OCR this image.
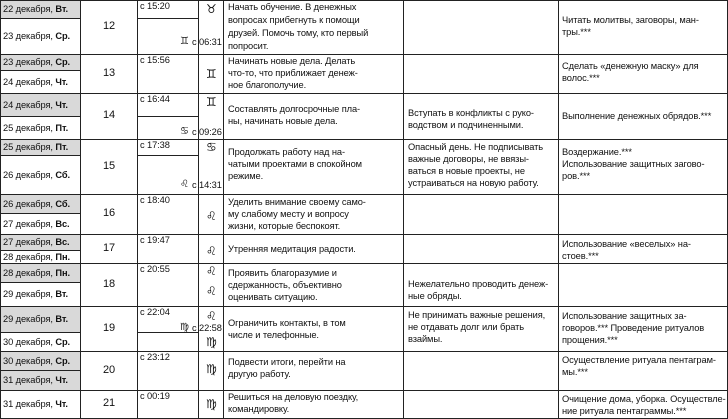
22 декабря, Вт.
23 декабря, Ср.
23 декабря, Ср.
24 декабря, Чт.
24 декабря, Чт.
25 декабря, Пт.
25 декабря, Пт.
26 декабря, Сб.
26 декабря, Сб.
27 декабря, Вс.
27 декабря, Вс.
28 декабря, Пн.
28 декабря, Пн.
29 декабря, Вт.
29 декабря, Вт.
30 декабря, Ср.
30 декабря, Ср.
31 декабря, Чт.
31 декабря, Чт.
12
13
14
15
16
17
18
19
20
21
с 15:20
с 15:56
с 16:44
с 17:38
с 18:40
с 19:47
с 20:55
с 22:04
с 23:12
с 00:19
♉
♊ с 06:31
♊
♊
♋ с 09:26
♋
♌ с 14:31
♌
♌
♌
♌
♌
♍ с 22:58
♍
♍
♍
Начать обучение. В денежных
вопросах прибегнуть к помощи
друзей. Помочь тому, кто первый
попросит.
Начинать новые дела. Делать
что-то, что приближает денеж-
ное благополучие.
Составлять долгосрочные пла-
ны, начинать новые дела.
Продолжать работу над на-
чатыми проектами в спокойном
режиме.
Уделить внимание своему само-
му слабому месту и вопросу
жизни, которые беспокоят.
Утренняя медитация радости.
Проявить благоразумие и
сдержанность, объективно
оценивать ситуацию.
Ограничить контакты, в том
числе и телефонные.
Подвести итоги, перейти на
другую работу.
Решиться на деловую поездку,
командировку.
Вступать в конфликты с руко-
водством и подчиненными.
Опасный день. Не подписывать
важные договоры, не ввязы-
ваться в новые проекты, не
устраиваться на новую работу.
Нежелательно проводить денеж-
ные обряды.
Не принимать важные решения,
не отдавать долг или брать
взаймы.
Читать молитвы, заговоры, ман-
тры.***
Сделать «денежную маску» для
волос.***
Выполнение денежных обрядов.***
Воздержание.***
Использование защитных загово-
ров.***
Использование «веселых» на-
стоев.***
Использование защитных за-
говоров.*** Проведение ритуалов
прощения.***
Осуществление ритуала пентаграм-
мы.***
Очищение дома, уборка. Осуществле-
ние ритуала пентаграммы.***
